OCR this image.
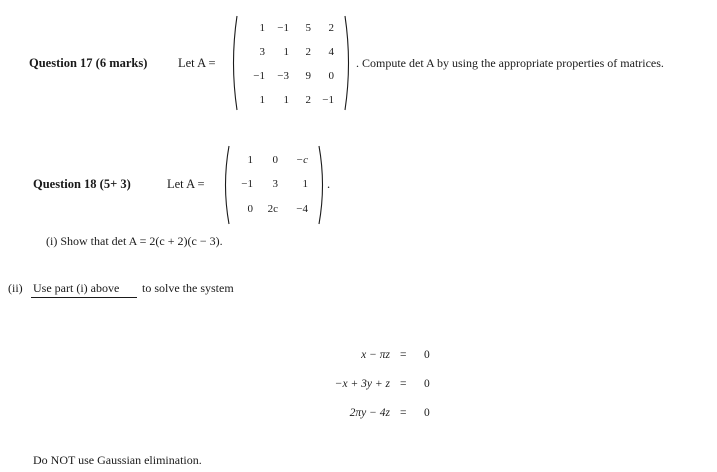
Question 17 (6 marks) Let A =
1 −1 5 2
3 1 2 4
−1 −3 9 0
1 1 2 −1
. Compute det A by using the appropriate properties of matrices.
Question 18 (5+ 3)	Let A =
1 0 −c
−1 3 1
0 2c −4
.
(i) Show that det A = 2(c + 2)(c − 3).
(ii) Use part (i) above to solve the system
x − πz = 0
−x + 3y + z = 0
2πy − 4z = 0
Do NOT use Gaussian elimination.
